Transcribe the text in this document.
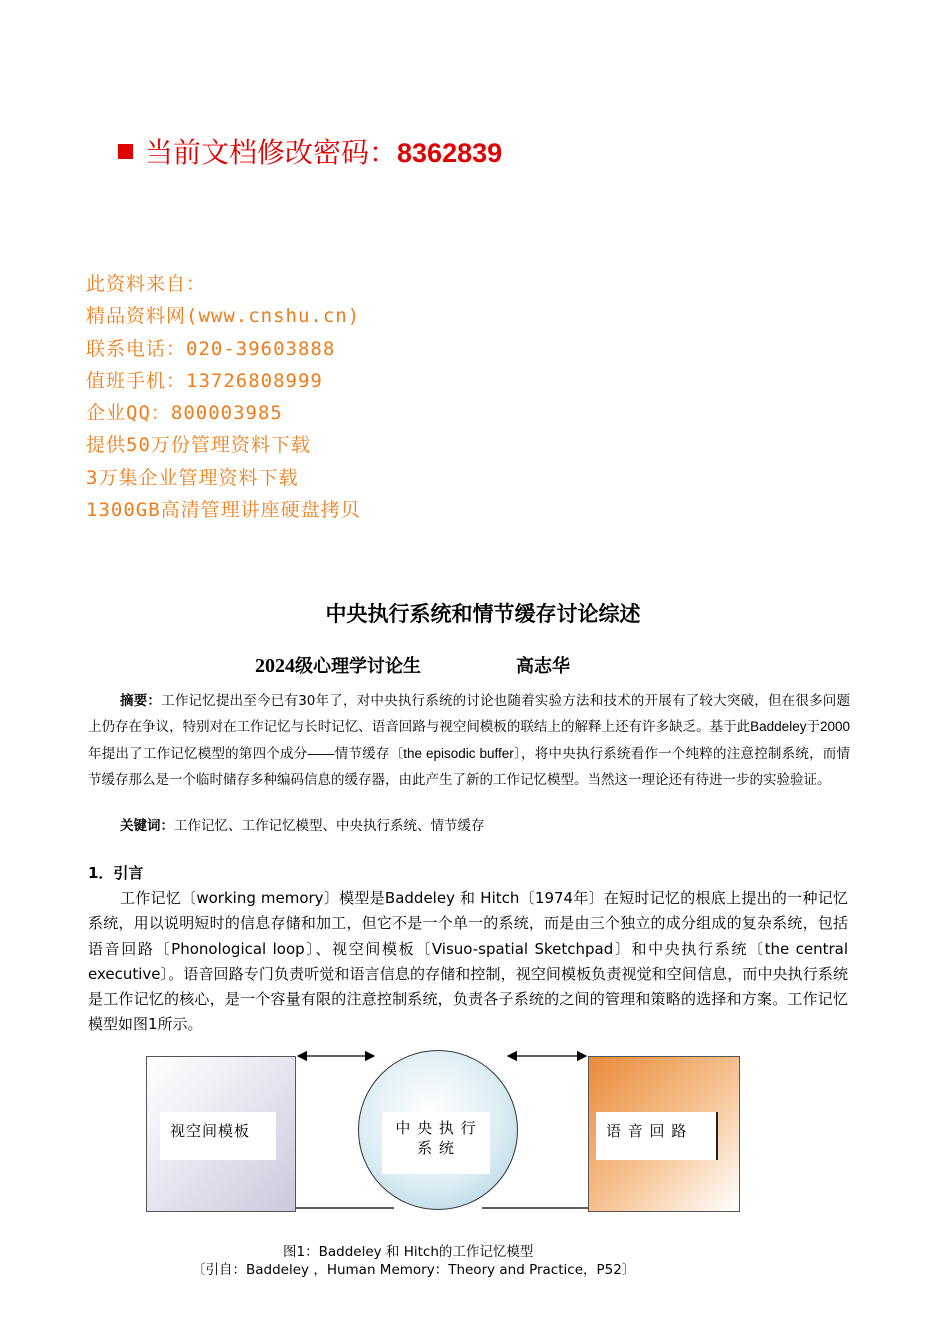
当前文档修改密码：8362839
此资料来自：
精品资料网(www.cnshu.cn)
联系电话：020-39603888
值班手机：13726808999
企业QQ：800003985
提供50万份管理资料下载
3万集企业管理资料下载
1300GB高清管理讲座硬盘拷贝
中央执行系统和情节缓存讨论综述
2024级心理学讨论生	高志华
摘要：工作记忆提出至今已有30年了，对中央执行系统的讨论也随着实验方法和技术的开展有了较大突破，但在很多问题上仍存在争议，特别对在工作记忆与长时记忆、语音回路与视空间模板的联结上的解释上还有许多缺乏。基于此Baddeley于2000年提出了工作记忆模型的第四个成分——情节缓存〔the episodic buffer〕，将中央执行系统看作一个纯粹的注意控制系统，而情节缓存那么是一个临时储存多种编码信息的缓存器，由此产生了新的工作记忆模型。当然这一理论还有待进一步的实验验证。
关键词：工作记忆、工作记忆模型、中央执行系统、情节缓存
1．引言
工作记忆〔working memory〕模型是Baddeley 和 Hitch〔1974年〕在短时记忆的根底上提出的一种记忆系统，用以说明短时的信息存储和加工，但它不是一个单一的系统，而是由三个独立的成分组成的复杂系统，包括语音回路〔Phonological loop〕、视空间模板〔Visuo-spatial Sketchpad〕和中央执行系统〔the central executive〕。语音回路专门负责听觉和语言信息的存储和控制，视空间模板负责视觉和空间信息，而中央执行系统是工作记忆的核心，是一个容量有限的注意控制系统，负责各子系统的之间的管理和策略的选择和方案。工作记忆模型如图1所示。
视空间模板	中 央 执 行
系 统
语 音 回 路
图1：Baddeley 和 Hitch的工作记忆模型
〔引自：Baddeley ，Human Memory：Theory and Practice，P52〕
